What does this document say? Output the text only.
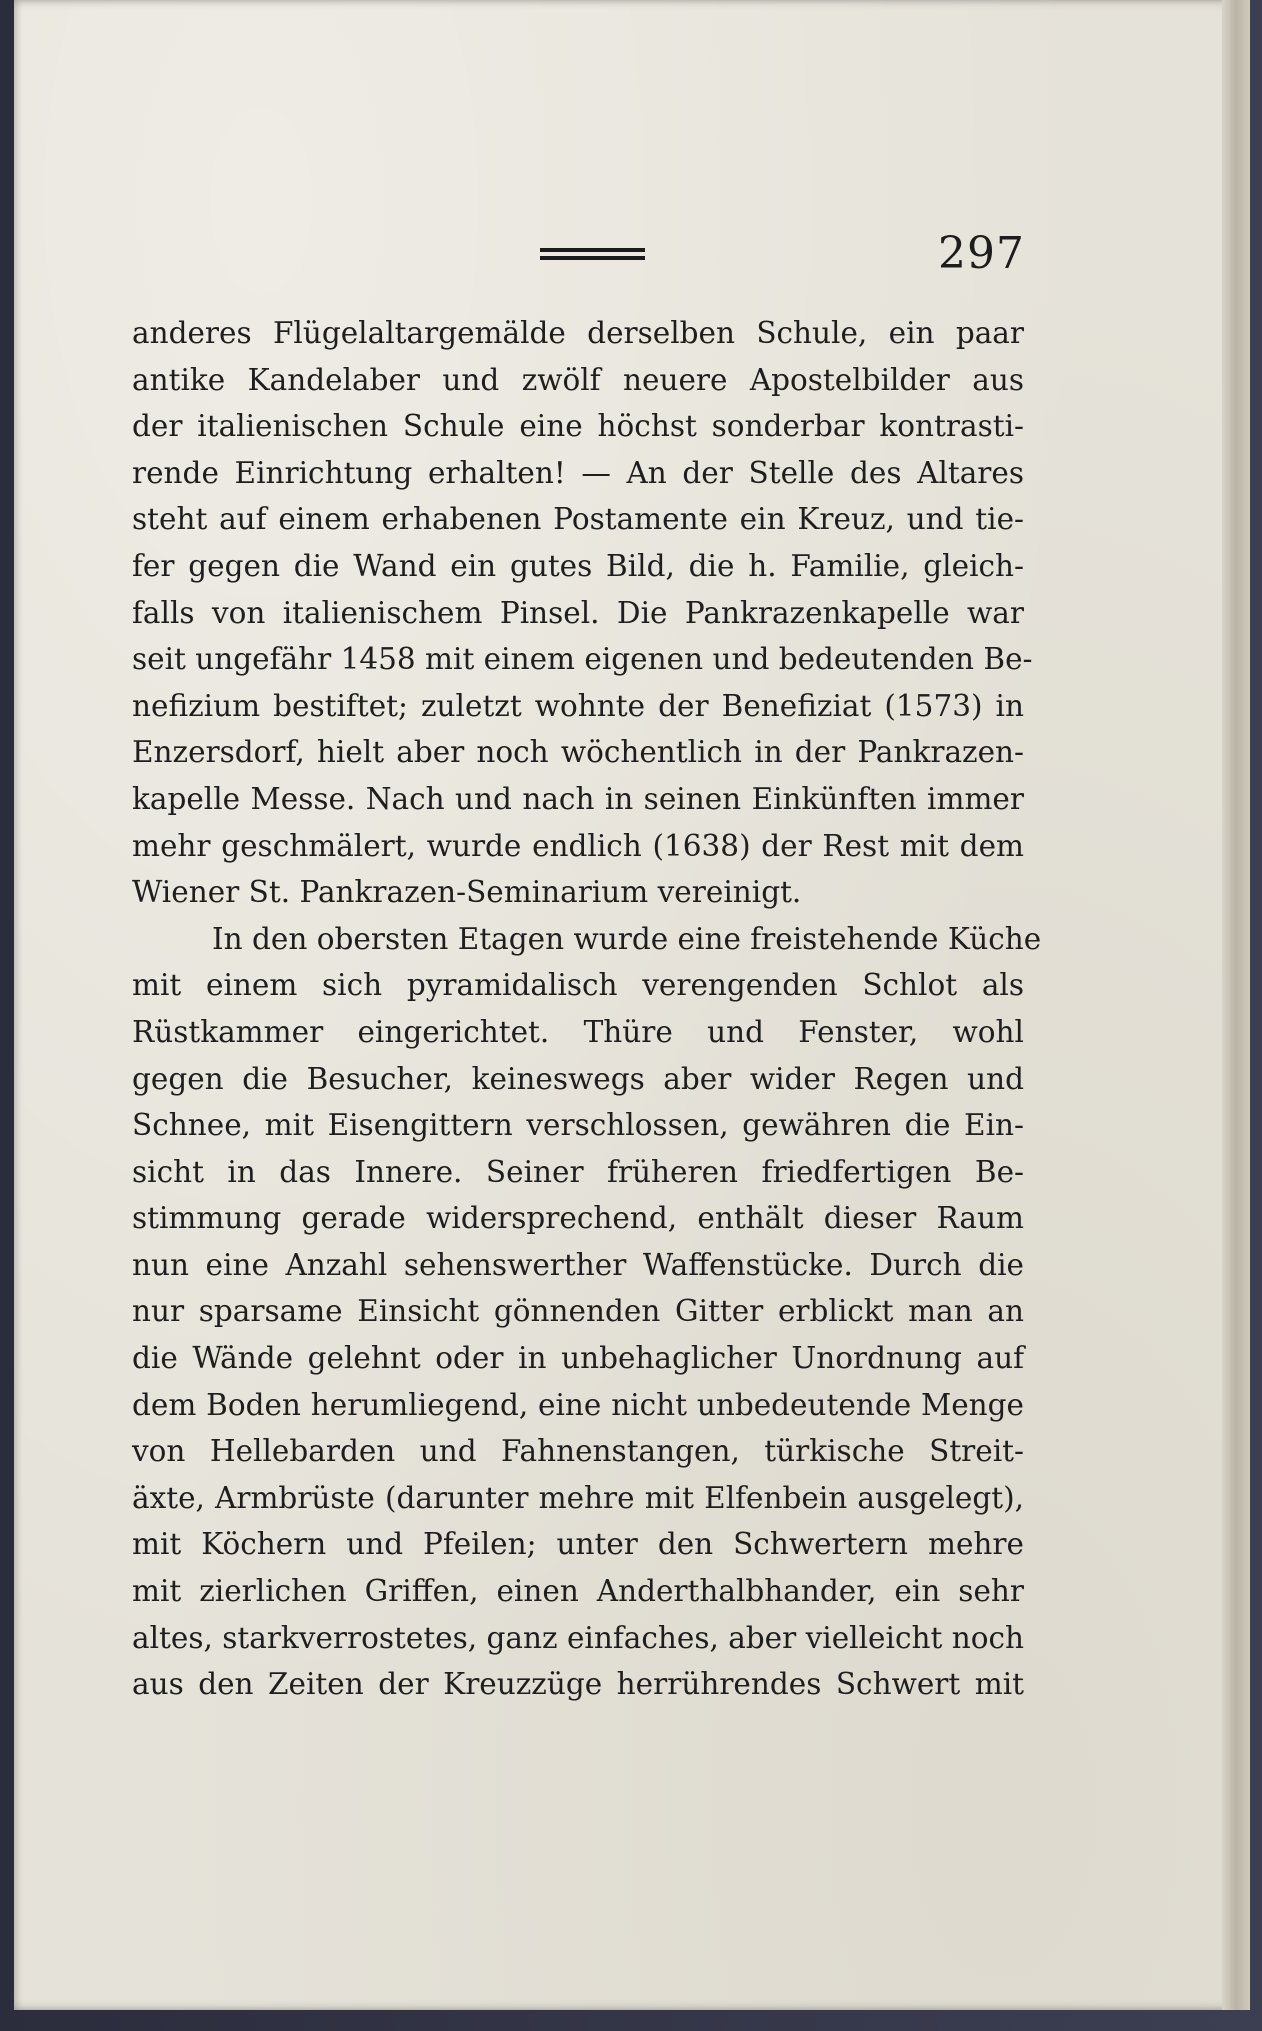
297
anderes Flügelaltargemälde derselben Schule, ein paar
antike Kandelaber und zwölf neuere Apostelbilder aus
der italienischen Schule eine höchst sonderbar kontrasti-
rende Einrichtung erhalten! — An der Stelle des Altares
steht auf einem erhabenen Postamente ein Kreuz, und tie-
fer gegen die Wand ein gutes Bild, die h. Familie, gleich-
falls von italienischem Pinsel. Die Pankrazenkapelle war
seit ungefähr 1458 mit einem eigenen und bedeutenden Be-
nefizium bestiftet; zuletzt wohnte der Benefiziat (1573) in
Enzersdorf, hielt aber noch wöchentlich in der Pankrazen-
kapelle Messe. Nach und nach in seinen Einkünften immer
mehr geschmälert, wurde endlich (1638) der Rest mit dem
Wiener St. Pankrazen-Seminarium vereinigt.
In den obersten Etagen wurde eine freistehende Küche
mit einem sich pyramidalisch verengenden Schlot als
Rüstkammer eingerichtet. Thüre und Fenster, wohl
gegen die Besucher, keineswegs aber wider Regen und
Schnee, mit Eisengittern verschlossen, gewähren die Ein-
sicht in das Innere. Seiner früheren friedfertigen Be-
stimmung gerade widersprechend, enthält dieser Raum
nun eine Anzahl sehenswerther Waffenstücke. Durch die
nur sparsame Einsicht gönnenden Gitter erblickt man an
die Wände gelehnt oder in unbehaglicher Unordnung auf
dem Boden herumliegend, eine nicht unbedeutende Menge
von Hellebarden und Fahnenstangen, türkische Streit-
äxte, Armbrüste (darunter mehre mit Elfenbein ausgelegt),
mit Köchern und Pfeilen; unter den Schwertern mehre
mit zierlichen Griffen, einen Anderthalbhander, ein sehr
altes, starkverrostetes, ganz einfaches, aber vielleicht noch
aus den Zeiten der Kreuzzüge herrührendes Schwert mit
